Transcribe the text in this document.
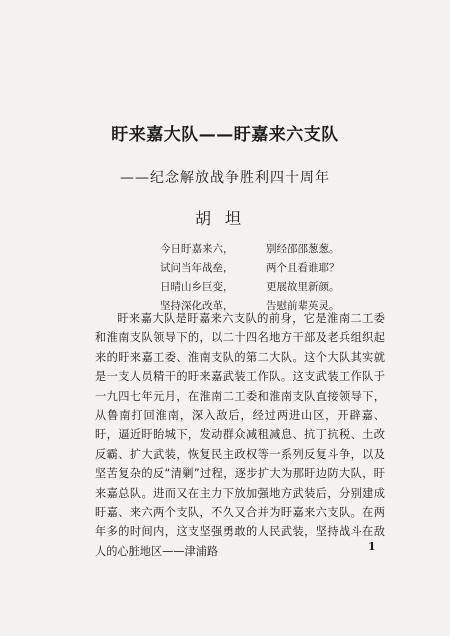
盱来嘉大队——盱嘉来六支队
——纪念解放战争胜利四十周年
胡坦
今日盱嘉来六，	别经邵邵葱葱。
试问当年战垒，	两个且看谁耶？
日晴山乡巨变，	更展故里新颜。
坚持深化改革，	告慰前辈英灵。
盱来嘉大队是盱嘉来六支队的前身，它是淮南二工委和淮南支队领导下的，以二十四名地方干部及老兵组织起来的盱来嘉工委、淮南支队的第二大队。这个大队其实就是一支人员精干的盱来嘉武装工作队。这支武装工作队于一九四七年元月，在淮南二工委和淮南支队直接领导下，从鲁南打回淮南，深入敌后，经过两进山区，开辟嘉、盱，逼近盱眙城下，发动群众减租减息、抗丁抗税、土改反霸、扩大武装，恢复民主政权等一系列反复斗争，以及坚苦复杂的反“清剿”过程，逐步扩大为那盱边防大队，盱来嘉总队。进而又在主力下放加强地方武装后，分别建成盱嘉、来六两个支队，不久又合并为盱嘉来六支队。在两年多的时间内，这支坚强勇敢的人民武装，坚持战斗在敌人的心脏地区——津浦路	1
